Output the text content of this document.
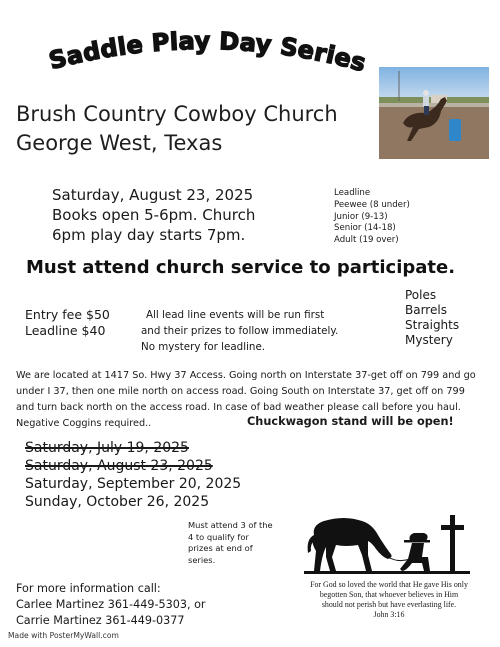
Saddle Play Day Series
Brush Country Cowboy Church
George West, Texas
Saturday, August 23, 2025
Books open 5-6pm. Church
6pm play day starts 7pm.
Leadline
Peewee (8 under)
Junior (9-13)
Senior (14-18)
Adult (19 over)
Must attend church service to participate.
Entry fee $50
Leadline $40
All lead line events will be run first
and their prizes to follow immediately.
No mystery for leadline.
Poles
Barrels
Straights
Mystery
We are located at 1417 So. Hwy 37 Access. Going north on Interstate 37-get off on 799 and go under I 37, then one mile north on access road. Going South on Interstate 37, get off on 799 and turn back north on the access road. In case of bad weather please call before you haul. Negative Coggins required..	Chuckwagon stand will be open!
Saturday, July 19, 2025
Saturday, August 23, 2025
Saturday, September 20, 2025
Sunday, October 26, 2025
Must attend 3 of the
4 to qualify for
prizes at end of
series.
For God so loved the world that He gave His only
begotten Son, that whoever believes in Him
should not perish but have everlasting life.
John 3:16
For more information call:
Carlee Martinez 361-449-5303, or
Carrie Martinez 361-449-0377
Made with PosterMyWall.com
